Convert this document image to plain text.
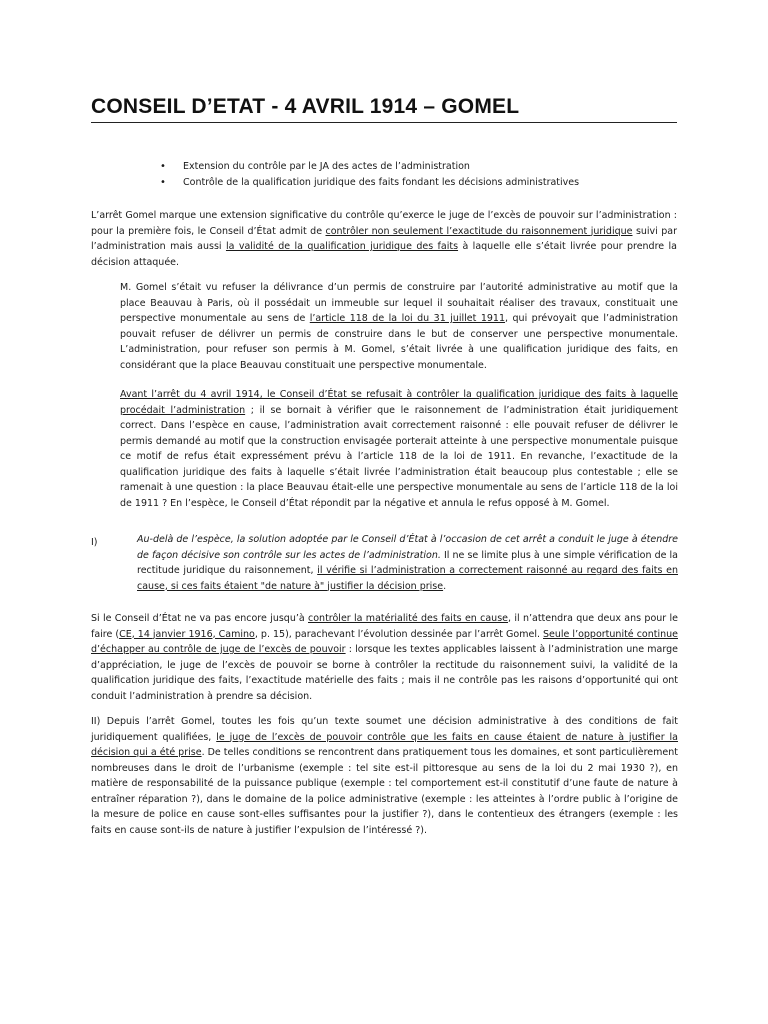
CONSEIL D’ETAT - 4 AVRIL 1914 – GOMEL
• Extension du contrôle par le JA des actes de l’administration
• Contrôle de la qualification juridique des faits fondant les décisions administratives

L’arrêt Gomel marque une extension significative du contrôle qu’exerce le juge de l’excès de pouvoir sur l’administration : pour la première fois, le Conseil d’État admit de contrôler non seulement l’exactitude du raisonnement juridique suivi par l’administration mais aussi la validité de la qualification juridique des faits à laquelle elle s’était livrée pour prendre la décision attaquée.

M. Gomel s’était vu refuser la délivrance d’un permis de construire par l’autorité administrative au motif que la place Beauvau à Paris, où il possédait un immeuble sur lequel il souhaitait réaliser des travaux, constituait une perspective monumentale au sens de l’article 118 de la loi du 31 juillet 1911, qui prévoyait que l’administration pouvait refuser de délivrer un permis de construire dans le but de conserver une perspective monumentale. L’administration, pour refuser son permis à M. Gomel, s’était livrée à une qualification juridique des faits, en considérant que la place Beauvau constituait une perspective monumentale.

Avant l’arrêt du 4 avril 1914, le Conseil d’État se refusait à contrôler la qualification juridique des faits à laquelle procédait l’administration ; il se bornait à vérifier que le raisonnement de l’administration était juridiquement correct. Dans l’espèce en cause, l’administration avait correctement raisonné : elle pouvait refuser de délivrer le permis demandé au motif que la construction envisagée porterait atteinte à une perspective monumentale puisque ce motif de refus était expressément prévu à l’article 118 de la loi de 1911. En revanche, l’exactitude de la qualification juridique des faits à laquelle s’était livrée l’administration était beaucoup plus contestable ; elle se ramenait à une question : la place Beauvau était-elle une perspective monumentale au sens de l’article 118 de la loi de 1911 ? En l’espèce, le Conseil d’État répondit par la négative et annula le refus opposé à M. Gomel.

I)	Au-delà de l’espèce, la solution adoptée par le Conseil d’État à l’occasion de cet arrêt a conduit le juge à étendre de façon décisive son contrôle sur les actes de l’administration. Il ne se limite plus à une simple vérification de la rectitude juridique du raisonnement, il vérifie si l’administration a correctement raisonné au regard des faits en cause, si ces faits étaient "de nature à" justifier la décision prise.

Si le Conseil d’État ne va pas encore jusqu’à contrôler la matérialité des faits en cause, il n’attendra que deux ans pour le faire (CE, 14 janvier 1916, Camino, p. 15), parachevant l’évolution dessinée par l’arrêt Gomel. Seule l’opportunité continue d’échapper au contrôle de juge de l’excès de pouvoir : lorsque les textes applicables laissent à l’administration une marge d’appréciation, le juge de l’excès de pouvoir se borne à contrôler la rectitude du raisonnement suivi, la validité de la qualification juridique des faits, l’exactitude matérielle des faits ; mais il ne contrôle pas les raisons d’opportunité qui ont conduit l’administration à prendre sa décision.

II) Depuis l’arrêt Gomel, toutes les fois qu’un texte soumet une décision administrative à des conditions de fait juridiquement qualifiées, le juge de l’excès de pouvoir contrôle que les faits en cause étaient de nature à justifier la décision qui a été prise. De telles conditions se rencontrent dans pratiquement tous les domaines, et sont particulièrement nombreuses dans le droit de l’urbanisme (exemple : tel site est-il pittoresque au sens de la loi du 2 mai 1930 ?), en matière de responsabilité de la puissance publique (exemple : tel comportement est-il constitutif d’une faute de nature à entraîner réparation ?), dans le domaine de la police administrative (exemple : les atteintes à l’ordre public à l’origine de la mesure de police en cause sont-elles suffisantes pour la justifier ?), dans le contentieux des étrangers (exemple : les faits en cause sont-ils de nature à justifier l’expulsion de l’intéressé ?).
